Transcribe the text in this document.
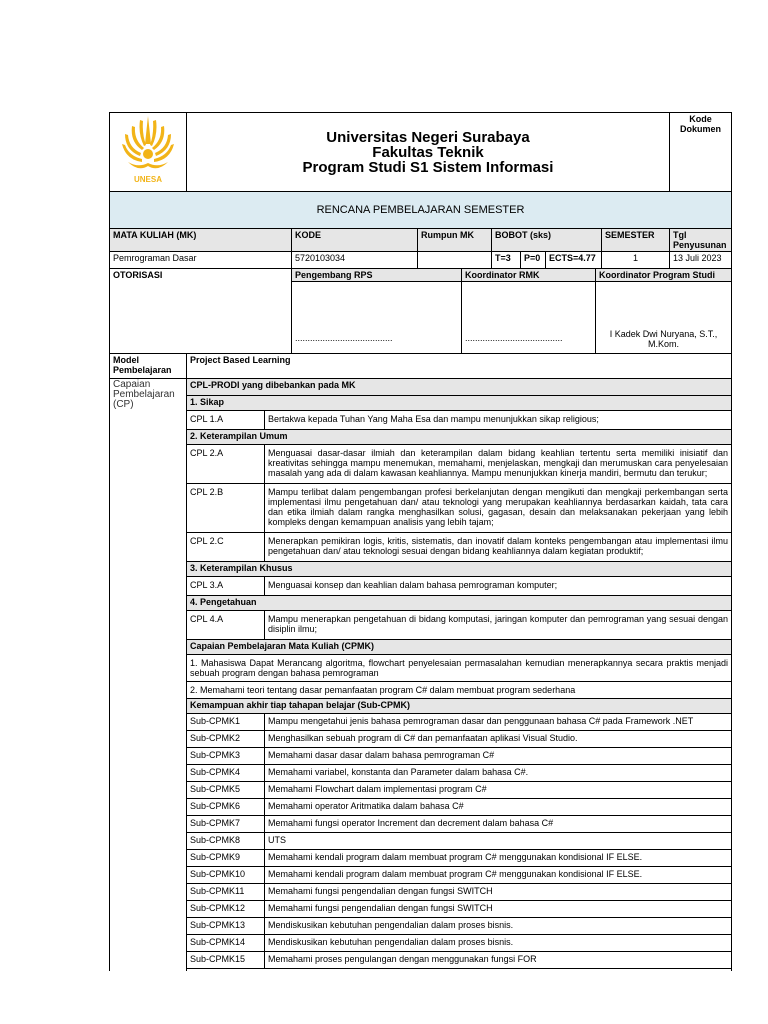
UNESA	Universitas Negeri Surabaya
Fakultas Teknik
Program Studi S1 Sistem Informasi							Kode Dokumen
RENCANA PEMBELAJARAN SEMESTER								
MATA KULIAH (MK)		KODE	Rumpun MK	BOBOT (sks)			SEMESTER	Tgl Penyusunan
Pemrograman Dasar		5720103034		T=3	P=0	ECTS=4.77	1	13 Juli 2023
OTORISASI	Pengembang RPS	Koordinator RMK	Koordinator Program Studi
	.......................................	.......................................	I Kadek Dwi Nuryana, S.T., M.Kom.
Model Pembelajaran	Project Based Learning	
Capaian Pembelajaran (CP)	CPL-PRODI yang dibebankan pada MK	
	1. Sikap	
	CPL 1.A	Bertakwa kepada Tuhan Yang Maha Esa dan mampu menunjukkan sikap religious;
	2. Keterampilan Umum	
	CPL 2.A	Menguasai dasar-dasar ilmiah dan keterampilan dalam bidang keahlian tertentu serta memiliki inisiatif dan kreativitas sehingga mampu menemukan, memahami, menjelaskan, mengkaji dan merumuskan cara penyelesaian masalah yang ada di dalam kawasan keahliannya. Mampu menunjukkan kinerja mandiri, bermutu dan terukur;
	CPL 2.B	Mampu terlibat dalam pengembangan profesi berkelanjutan dengan mengikuti dan mengkaji perkembangan serta implementasi ilmu pengetahuan dan/ atau teknologi yang merupakan keahliannya berdasarkan kaidah, tata cara dan etika ilmiah dalam rangka menghasilkan solusi, gagasan, desain dan melaksanakan pekerjaan yang lebih kompleks dengan kemampuan analisis yang lebih tajam;
	CPL 2.C	Menerapkan pemikiran logis, kritis, sistematis, dan inovatif dalam konteks pengembangan atau implementasi ilmu pengetahuan dan/ atau teknologi sesuai dengan bidang keahliannya dalam kegiatan produktif;
	3. Keterampilan Khusus	
	CPL 3.A	Menguasai konsep dan keahlian dalam bahasa pemrograman komputer;
	4. Pengetahuan	
	CPL 4.A	Mampu menerapkan pengetahuan di bidang komputasi, jaringan komputer dan pemrograman yang sesuai dengan disiplin ilmu;
	Capaian Pembelajaran Mata Kuliah (CPMK)	
	1. Mahasiswa Dapat Merancang algoritma, flowchart penyelesaian permasalahan kemudian menerapkannya secara praktis menjadi sebuah program dengan bahasa pemrograman	
	2. Memahami teori tentang dasar pemanfaatan program C# dalam membuat program sederhana	
	Kemampuan akhir tiap tahapan belajar (Sub-CPMK)	
	Sub-CPMK1	Mampu mengetahui jenis bahasa pemrograman dasar dan penggunaan bahasa C# pada Framework .NET
	Sub-CPMK2	Menghasilkan sebuah program di C# dan pemanfaatan aplikasi Visual Studio.
	Sub-CPMK3	Memahami dasar dasar dalam bahasa pemrograman C#
	Sub-CPMK4	Memahami variabel, konstanta dan Parameter dalam bahasa C#.
	Sub-CPMK5	Memahami Flowchart dalam implementasi program C#
	Sub-CPMK6	Memahami operator Aritmatika dalam bahasa C#
	Sub-CPMK7	Memahami fungsi operator Increment dan decrement dalam bahasa C#
	Sub-CPMK8	UTS
	Sub-CPMK9	Memahami kendali program dalam membuat program C# menggunakan kondisional IF ELSE.
	Sub-CPMK10	Memahami kendali program dalam membuat program C# menggunakan kondisional IF ELSE.
	Sub-CPMK11	Memahami fungsi pengendalian dengan fungsi SWITCH
	Sub-CPMK12	Memahami fungsi pengendalian dengan fungsi SWITCH
	Sub-CPMK13	Mendiskusikan kebutuhan pengendalian dalam proses bisnis.
	Sub-CPMK14	Mendiskusikan kebutuhan pengendalian dalam proses bisnis.
	Sub-CPMK15	Memahami proses pengulangan dengan menggunakan fungsi FOR
